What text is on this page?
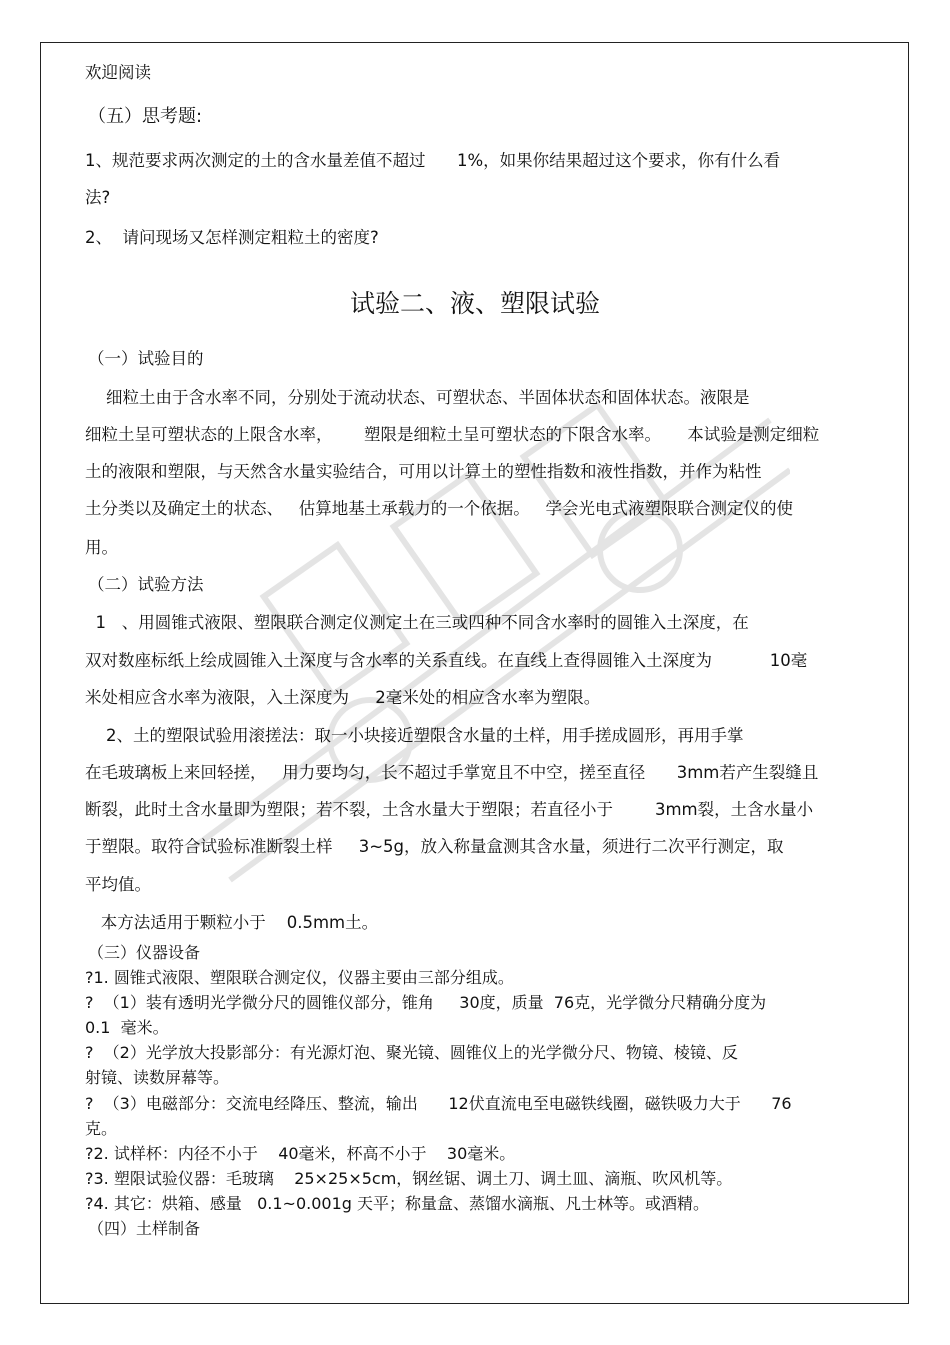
欢迎阅读
（五）思考题:
1、规范要求两次测定的土的含水量差值不超过      1%，如果你结果超过这个要求，你有什么看
法?
2、  请问现场又怎样测定粗粒土的密度?
试验二、液、塑限试验
（一）试验目的
细粒土由于含水率不同，分别处于流动状态、可塑状态、半固体状态和固体状态。液限是
细粒土呈可塑状态的上限含水率，      塑限是细粒土呈可塑状态的下限含水率。     本试验是测定细粒
土的液限和塑限，与天然含水量实验结合，可用以计算土的塑性指数和液性指数，并作为粘性
土分类以及确定土的状态、   估算地基土承载力的一个依据。   学会光电式液塑限联合测定仪的使
用。
（二）试验方法
1   、用圆锥式液限、塑限联合测定仪测定土在三或四种不同含水率时的圆锥入土深度，在
双对数座标纸上绘成圆锥入土深度与含水率的关系直线。在直线上查得圆锥入土深度为           10毫
米处相应含水率为液限，入土深度为     2毫米处的相应含水率为塑限。
2、土的塑限试验用滚搓法：取一小块接近塑限含水量的土样，用手搓成圆形，再用手掌
在毛玻璃板上来回轻搓，   用力要均匀，长不超过手掌宽且不中空，搓至直径      3mm若产生裂缝且
断裂，此时土含水量即为塑限；若不裂，土含水量大于塑限；若直径小于        3mm裂，土含水量小
于塑限。取符合试验标准断裂土样     3~5g，放入称量盒测其含水量，须进行二次平行测定，取
平均值。
本方法适用于颗粒小于    0.5mm土。
（三）仪器设备
?1. 圆锥式液限、塑限联合测定仪，仪器主要由三部分组成。
?  （1）装有透明光学微分尺的圆锥仪部分，锥角     30度，质量  76克，光学微分尺精确分度为
0.1  毫米。
?  （2）光学放大投影部分：有光源灯泡、聚光镜、圆锥仪上的光学微分尺、物镜、棱镜、反
射镜、读数屏幕等。
?  （3）电磁部分：交流电经降压、整流，输出      12伏直流电至电磁铁线圈，磁铁吸力大于      76
克。
?2. 试样杯：内径不小于    40毫米，杯高不小于    30毫米。
?3. 塑限试验仪器：毛玻璃    25×25×5cm，钢丝锯、调土刀、调土皿、滴瓶、吹风机等。
?4. 其它：烘箱、感量   0.1~0.001g 天平；称量盒、蒸馏水滴瓶、凡士林等。或酒精。
（四）土样制备
